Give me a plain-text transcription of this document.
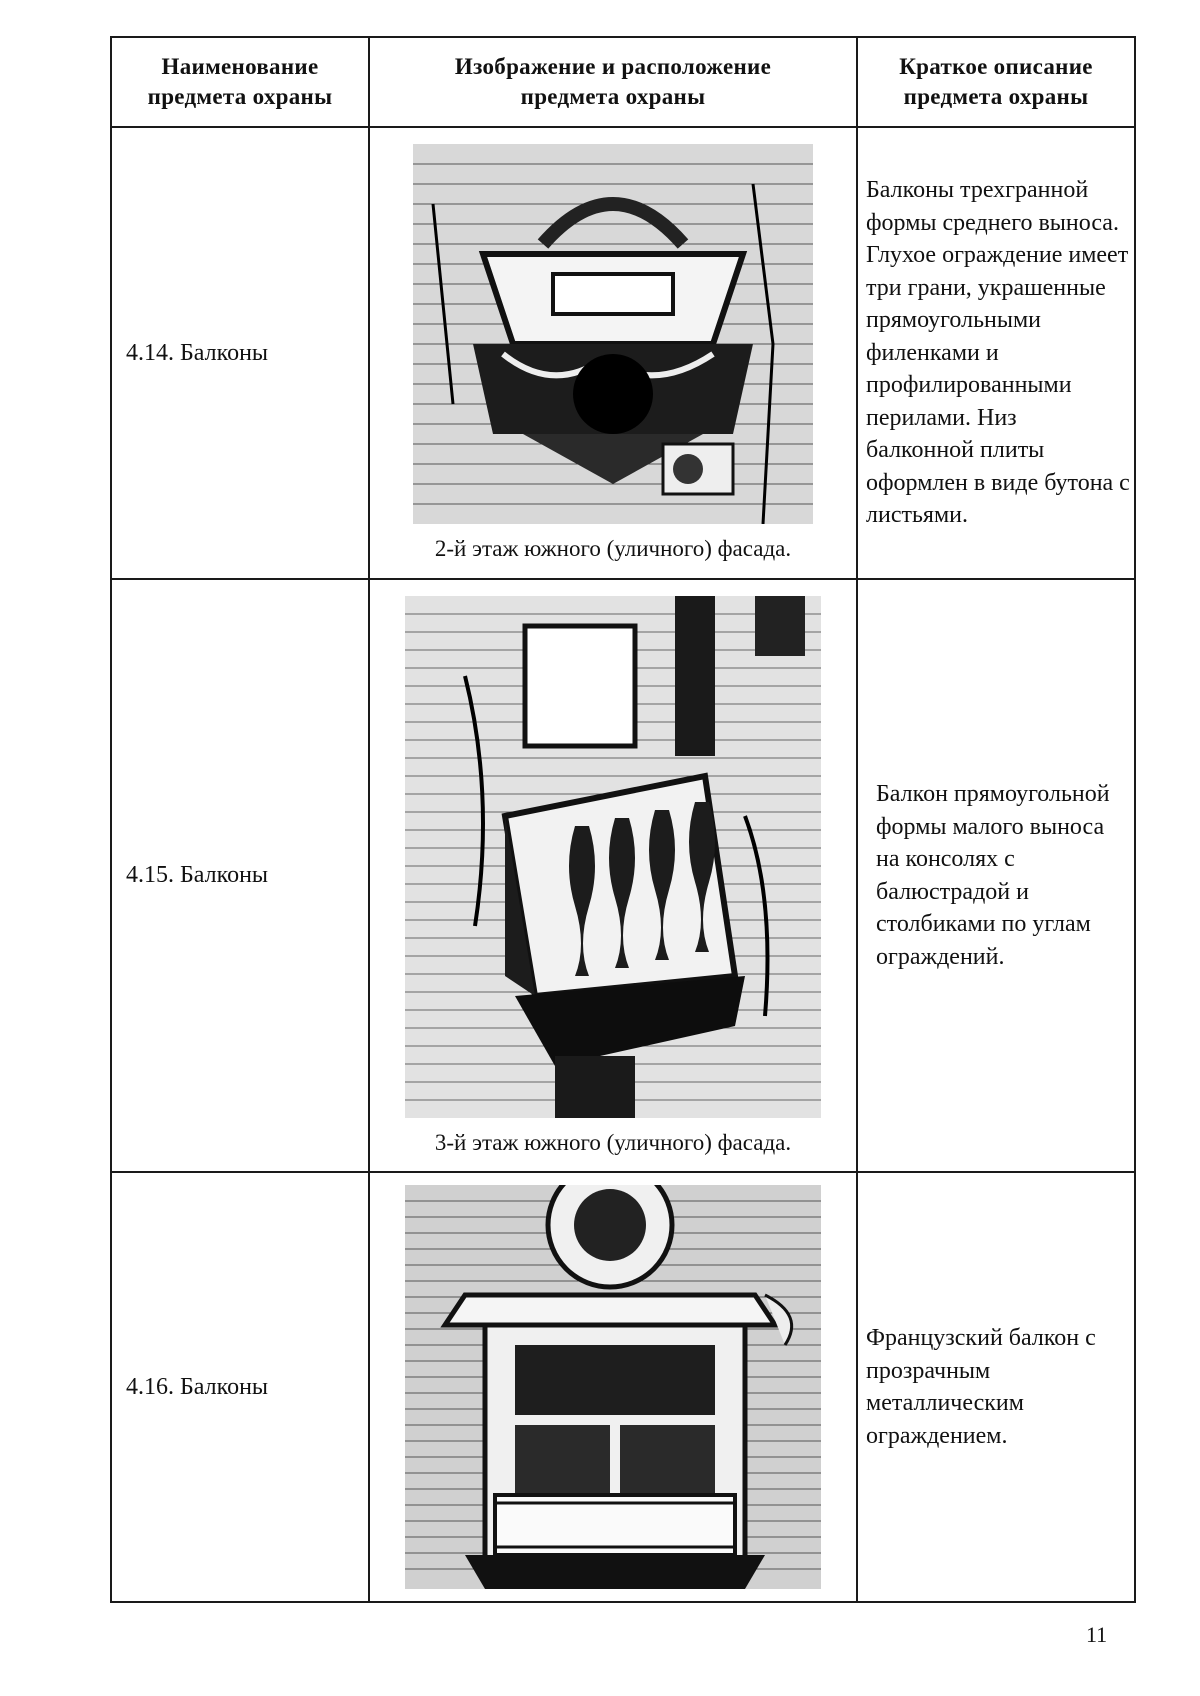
Наименование предмета охраны	Изображение и расположение предмета охраны	Краткое описание предмета охраны
4.14. Балконы	2-й этаж южного (уличного) фасада.	Балконы трехгранной формы среднего выноса. Глухое ограждение имеет три грани, украшенные прямоугольными филенками и профилированными перилами. Низ балконной плиты оформлен в виде бутона с листьями.
4.15. Балконы	3-й этаж южного (уличного) фасада.	Балкон прямоугольной формы малого выноса на консолях с балюстрадой и столбиками по углам ограждений.
4.16. Балконы		Французский балкон с прозрачным металлическим ограждением.
11
